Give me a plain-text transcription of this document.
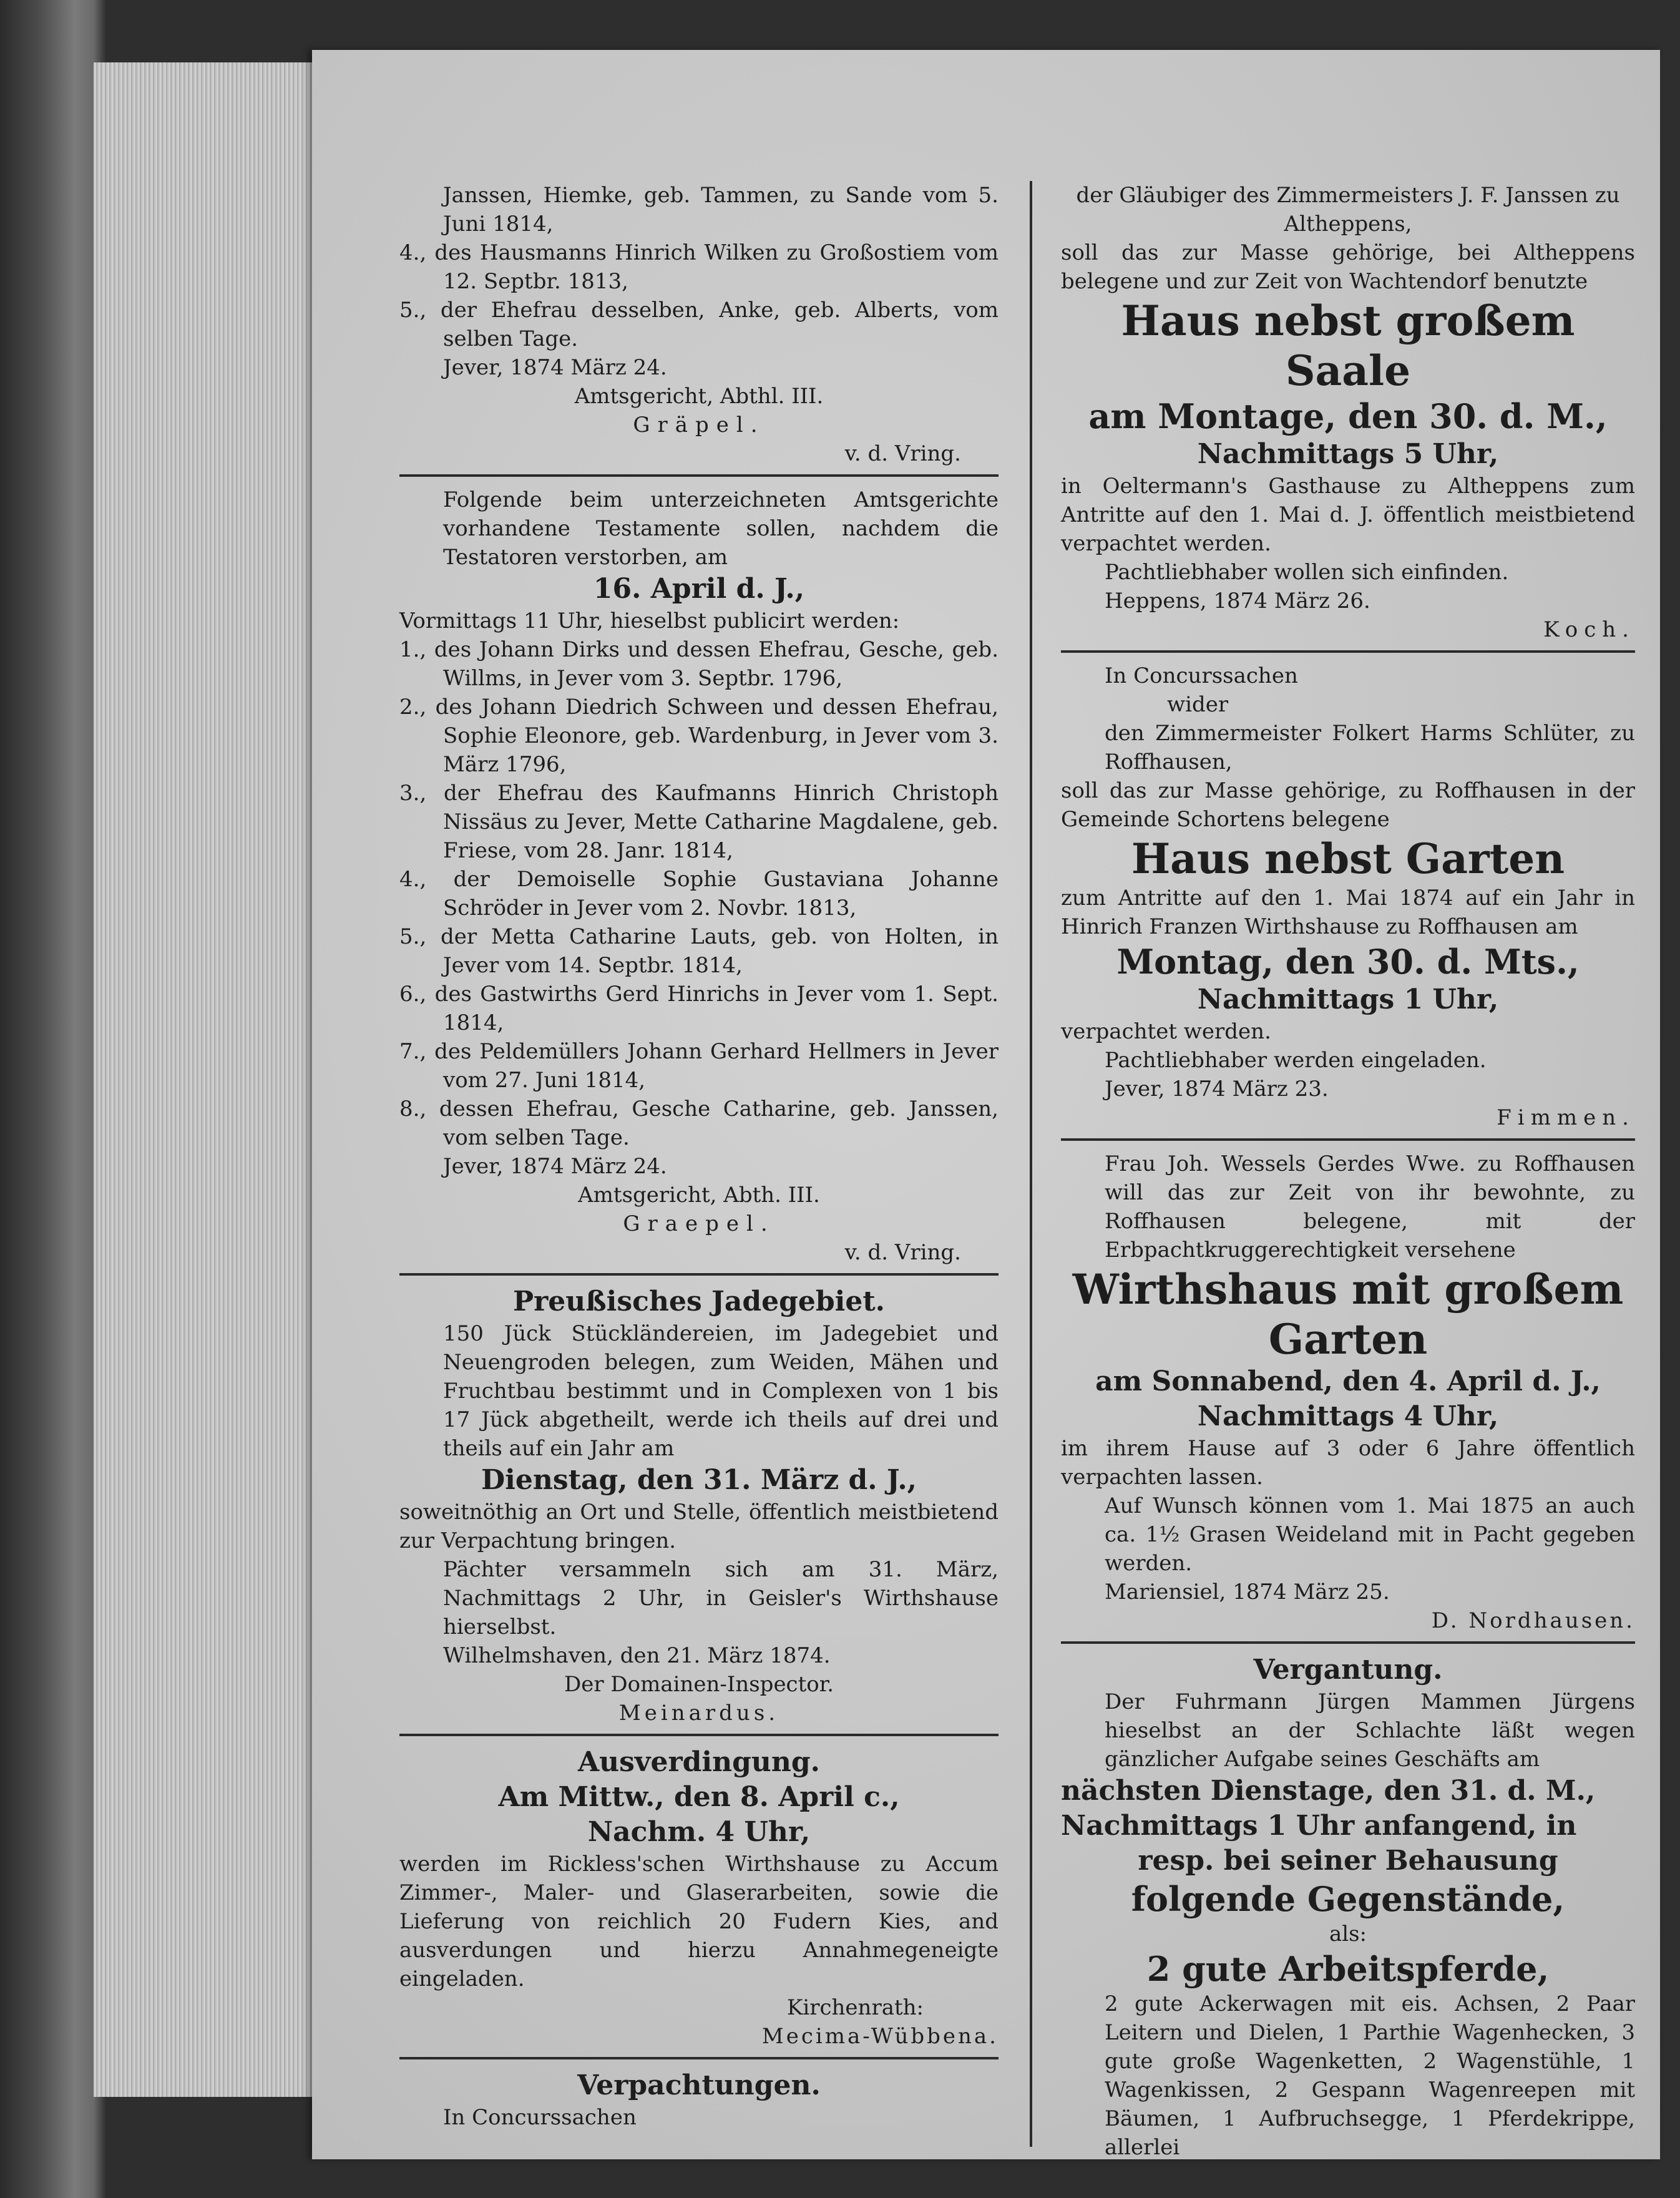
Janssen, Hiemke, geb. Tammen, zu Sande vom 5. Juni 1814,
4., des Hausmanns Hinrich Wilken zu Großostiem vom 12. Septbr. 1813,
5., der Ehefrau desselben, Anke, geb. Alberts, vom selben Tage.
Jever, 1874 März 24.
Amtsgericht, Abthl. III.
Gräpel.
v. d. Vring.
Folgende beim unterzeichneten Amtsgerichte vorhandene Testamente sollen, nachdem die Testatoren verstorben, am
16. April d. J.,
Vormittags 11 Uhr, hieselbst publicirt werden:
1., des Johann Dirks und dessen Ehefrau, Gesche, geb. Willms, in Jever vom 3. Septbr. 1796,
2., des Johann Diedrich Schween und dessen Ehefrau, Sophie Eleonore, geb. Wardenburg, in Jever vom 3. März 1796,
3., der Ehefrau des Kaufmanns Hinrich Christoph Nissäus zu Jever, Mette Catharine Magdalene, geb. Friese, vom 28. Janr. 1814,
4., der Demoiselle Sophie Gustaviana Johanne Schröder in Jever vom 2. Novbr. 1813,
5., der Metta Catharine Lauts, geb. von Holten, in Jever vom 14. Septbr. 1814,
6., des Gastwirths Gerd Hinrichs in Jever vom 1. Sept. 1814,
7., des Peldemüllers Johann Gerhard Hellmers in Jever vom 27. Juni 1814,
8., dessen Ehefrau, Gesche Catharine, geb. Janssen, vom selben Tage.
Jever, 1874 März 24.
Amtsgericht, Abth. III.
Graepel.
v. d. Vring.
Preußisches Jadegebiet.
150 Jück Stückländereien, im Jadegebiet und Neuengroden belegen, zum Weiden, Mähen und Fruchtbau bestimmt und in Complexen von 1 bis 17 Jück abgetheilt, werde ich theils auf drei und theils auf ein Jahr am
Dienstag, den 31. März d. J.,
soweitnöthig an Ort und Stelle, öffentlich meistbietend zur Verpachtung bringen.
Pächter versammeln sich am 31. März, Nachmittags 2 Uhr, in Geisler's Wirthshause hierselbst.
Wilhelmshaven, den 21. März 1874.
Der Domainen-Inspector.
Meinardus.
Ausverdingung.
Am Mittw., den 8. April c.,
Nachm. 4 Uhr,
werden im Rickless'schen Wirthshause zu Accum Zimmer-, Maler- und Glaserarbeiten, sowie die Lieferung von reichlich 20 Fudern Kies, and ausverdungen und hierzu Annahmegeneigte eingeladen.
Kirchenrath:
Mecima-Wübbena.
Verpachtungen.
In Concurssachen
der Gläubiger des Zimmermeisters J. F. Janssen zu Altheppens,
soll das zur Masse gehörige, bei Altheppens belegene und zur Zeit von Wachtendorf benutzte
Haus nebst großem Saale
am Montage, den 30. d. M.,
Nachmittags 5 Uhr,
in Oeltermann's Gasthause zu Altheppens zum Antritte auf den 1. Mai d. J. öffentlich meistbietend verpachtet werden.
Pachtliebhaber wollen sich einfinden.
Heppens, 1874 März 26.
Koch.
In Concurssachen
wider
den Zimmermeister Folkert Harms Schlüter, zu Roffhausen,
soll das zur Masse gehörige, zu Roffhausen in der Gemeinde Schortens belegene
Haus nebst Garten
zum Antritte auf den 1. Mai 1874 auf ein Jahr in Hinrich Franzen Wirthshause zu Roffhausen am
Montag, den 30. d. Mts.,
Nachmittags 1 Uhr,
verpachtet werden.
Pachtliebhaber werden eingeladen.
Jever, 1874 März 23.
Fimmen.
Frau Joh. Wessels Gerdes Wwe. zu Roffhausen will das zur Zeit von ihr bewohnte, zu Roffhausen belegene, mit der Erbpachtkruggerechtigkeit versehene
Wirthshaus mit großem Garten
am Sonnabend, den 4. April d. J.,
Nachmittags 4 Uhr,
im ihrem Hause auf 3 oder 6 Jahre öffentlich verpachten lassen.
Auf Wunsch können vom 1. Mai 1875 an auch ca. 1½ Grasen Weideland mit in Pacht gegeben werden.
Mariensiel, 1874 März 25.
D. Nordhausen.
Vergantung.
Der Fuhrmann Jürgen Mammen Jürgens hieselbst an der Schlachte läßt wegen gänzlicher Aufgabe seines Geschäfts am
nächsten Dienstage, den 31. d. M.,
Nachmittags 1 Uhr anfangend, in
resp. bei seiner Behausung
folgende Gegenstände,
als:
2 gute Arbeitspferde,
2 gute Ackerwagen mit eis. Achsen, 2 Paar Leitern und Dielen, 1 Parthie Wagenhecken, 3 gute große Wagenketten, 2 Wagenstühle, 1 Wagenkissen, 2 Gespann Wagenreepen mit Bäumen, 1 Aufbruchsegge, 1 Pferdekrippe, allerlei
